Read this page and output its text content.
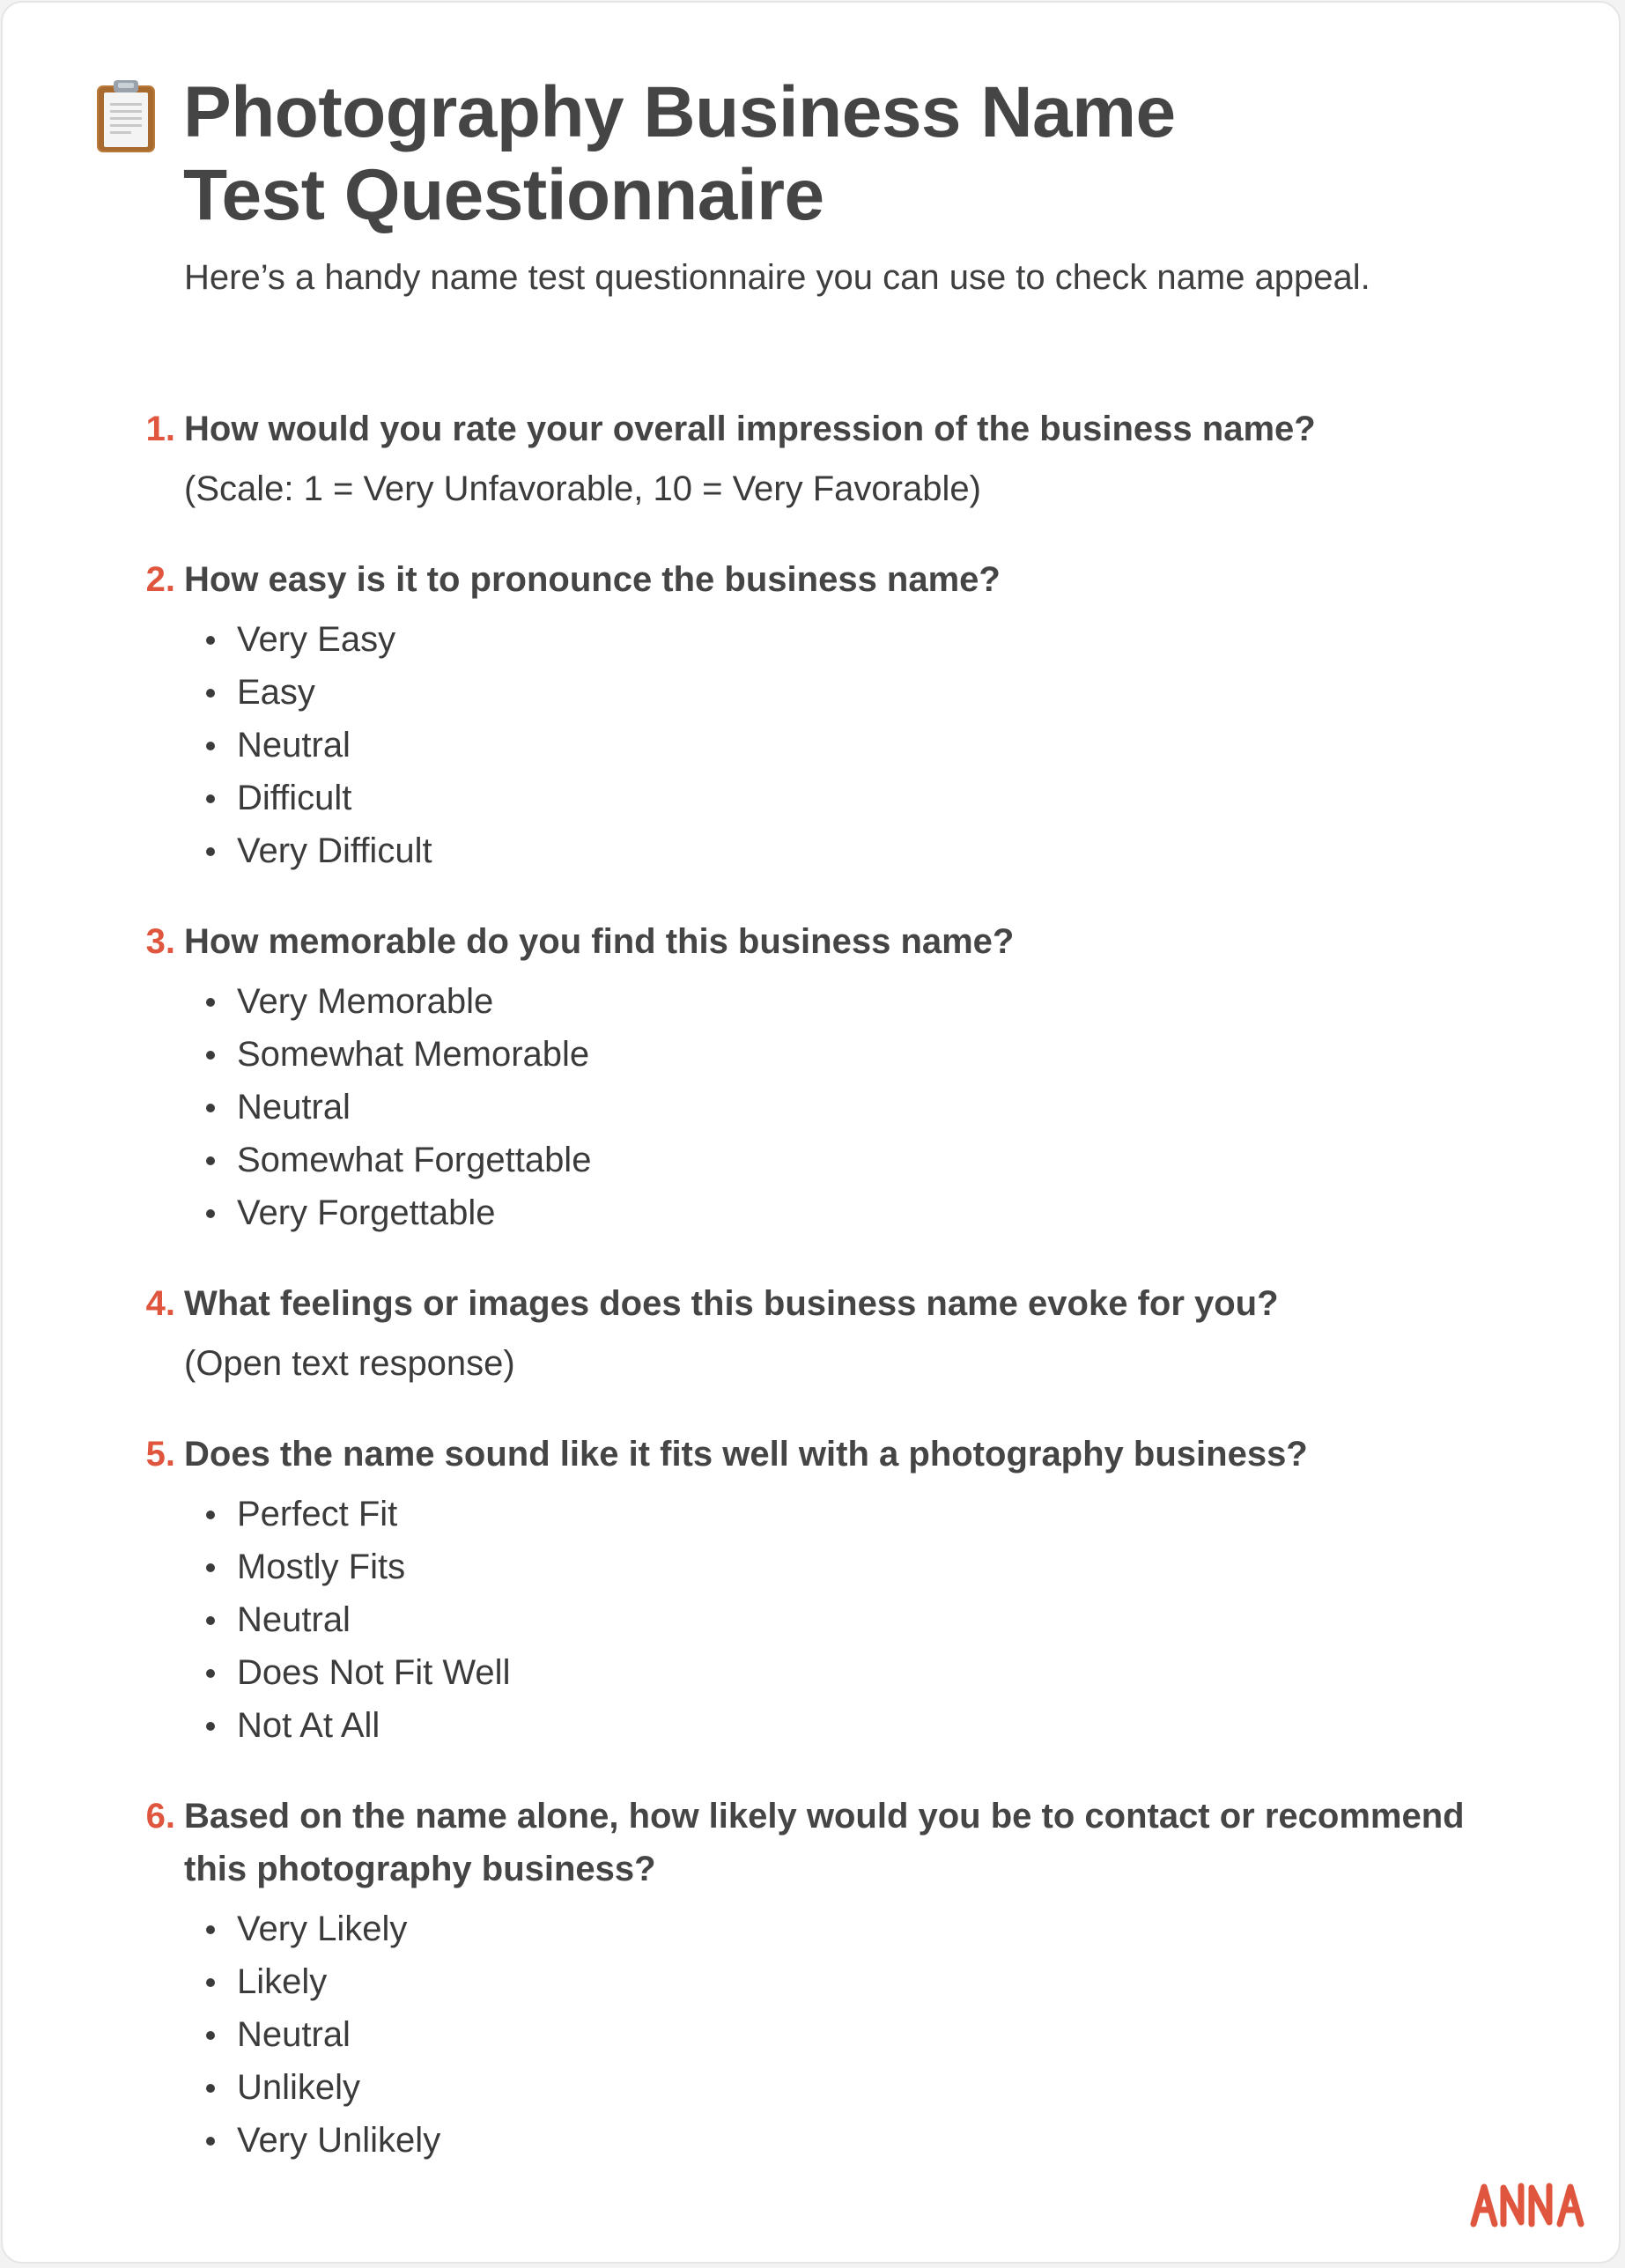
Photography Business Name Test Questionnaire

Here’s a handy name test questionnaire you can use to check name appeal.

1. How would you rate your overall impression of the business name?
(Scale: 1 = Very Unfavorable, 10 = Very Favorable)
2. How easy is it to pronounce the business name?
Very Easy
Easy
Neutral
Difficult
Very Difficult
3. How memorable do you find this business name?
Very Memorable
Somewhat Memorable
Neutral
Somewhat Forgettable
Very Forgettable
4. What feelings or images does this business name evoke for you?
(Open text response)
5. Does the name sound like it fits well with a photography business?
Perfect Fit
Mostly Fits
Neutral
Does Not Fit Well
Not At All
6. Based on the name alone, how likely would you be to contact or recommend this photography business?
Very Likely
Likely
Neutral
Unlikely
Very Unlikely
